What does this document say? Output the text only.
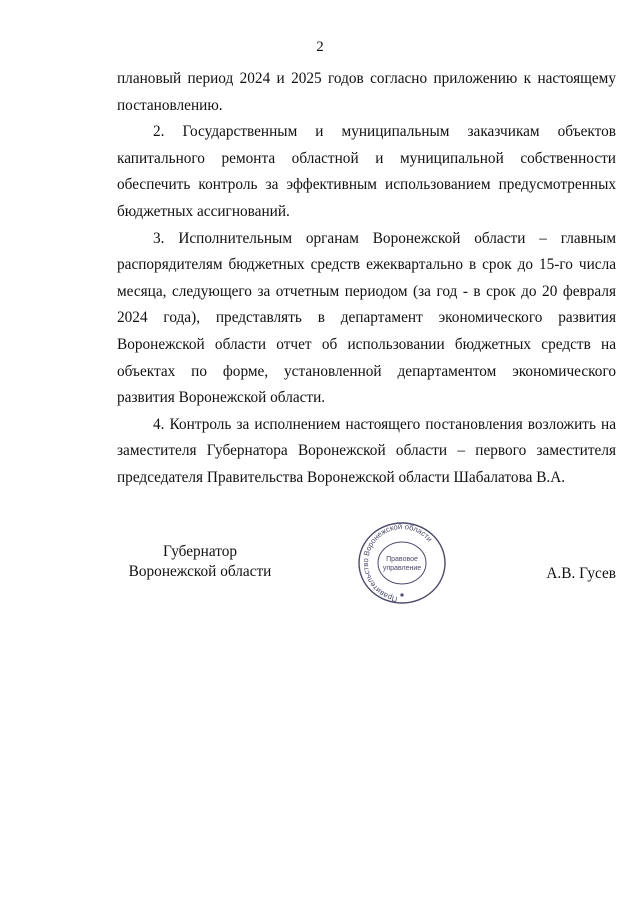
2

плановый период 2024 и 2025 годов согласно приложению к настоящему постановлению.

2. Государственным и муниципальным заказчикам объектов капитального ремонта областной и муниципальной собственности обеспечить контроль за эффективным использованием предусмотренных бюджетных ассигнований.

3. Исполнительным органам Воронежской области – главным распорядителям бюджетных средств ежеквартально в срок до 15-го числа месяца, следующего за отчетным периодом (за год - в срок до 20 февраля 2024 года), представлять в департамент экономического развития Воронежской области отчет об использовании бюджетных средств на объектах по форме, установленной департаментом экономического развития Воронежской области.

4. Контроль за исполнением настоящего постановления возложить на заместителя Губернатора Воронежской области – первого заместителя председателя Правительства Воронежской области Шабалатова В.А.

Губернатор
Воронежской области	А.В. Гусев
Правительство Воронежской области
Правовое
управление
